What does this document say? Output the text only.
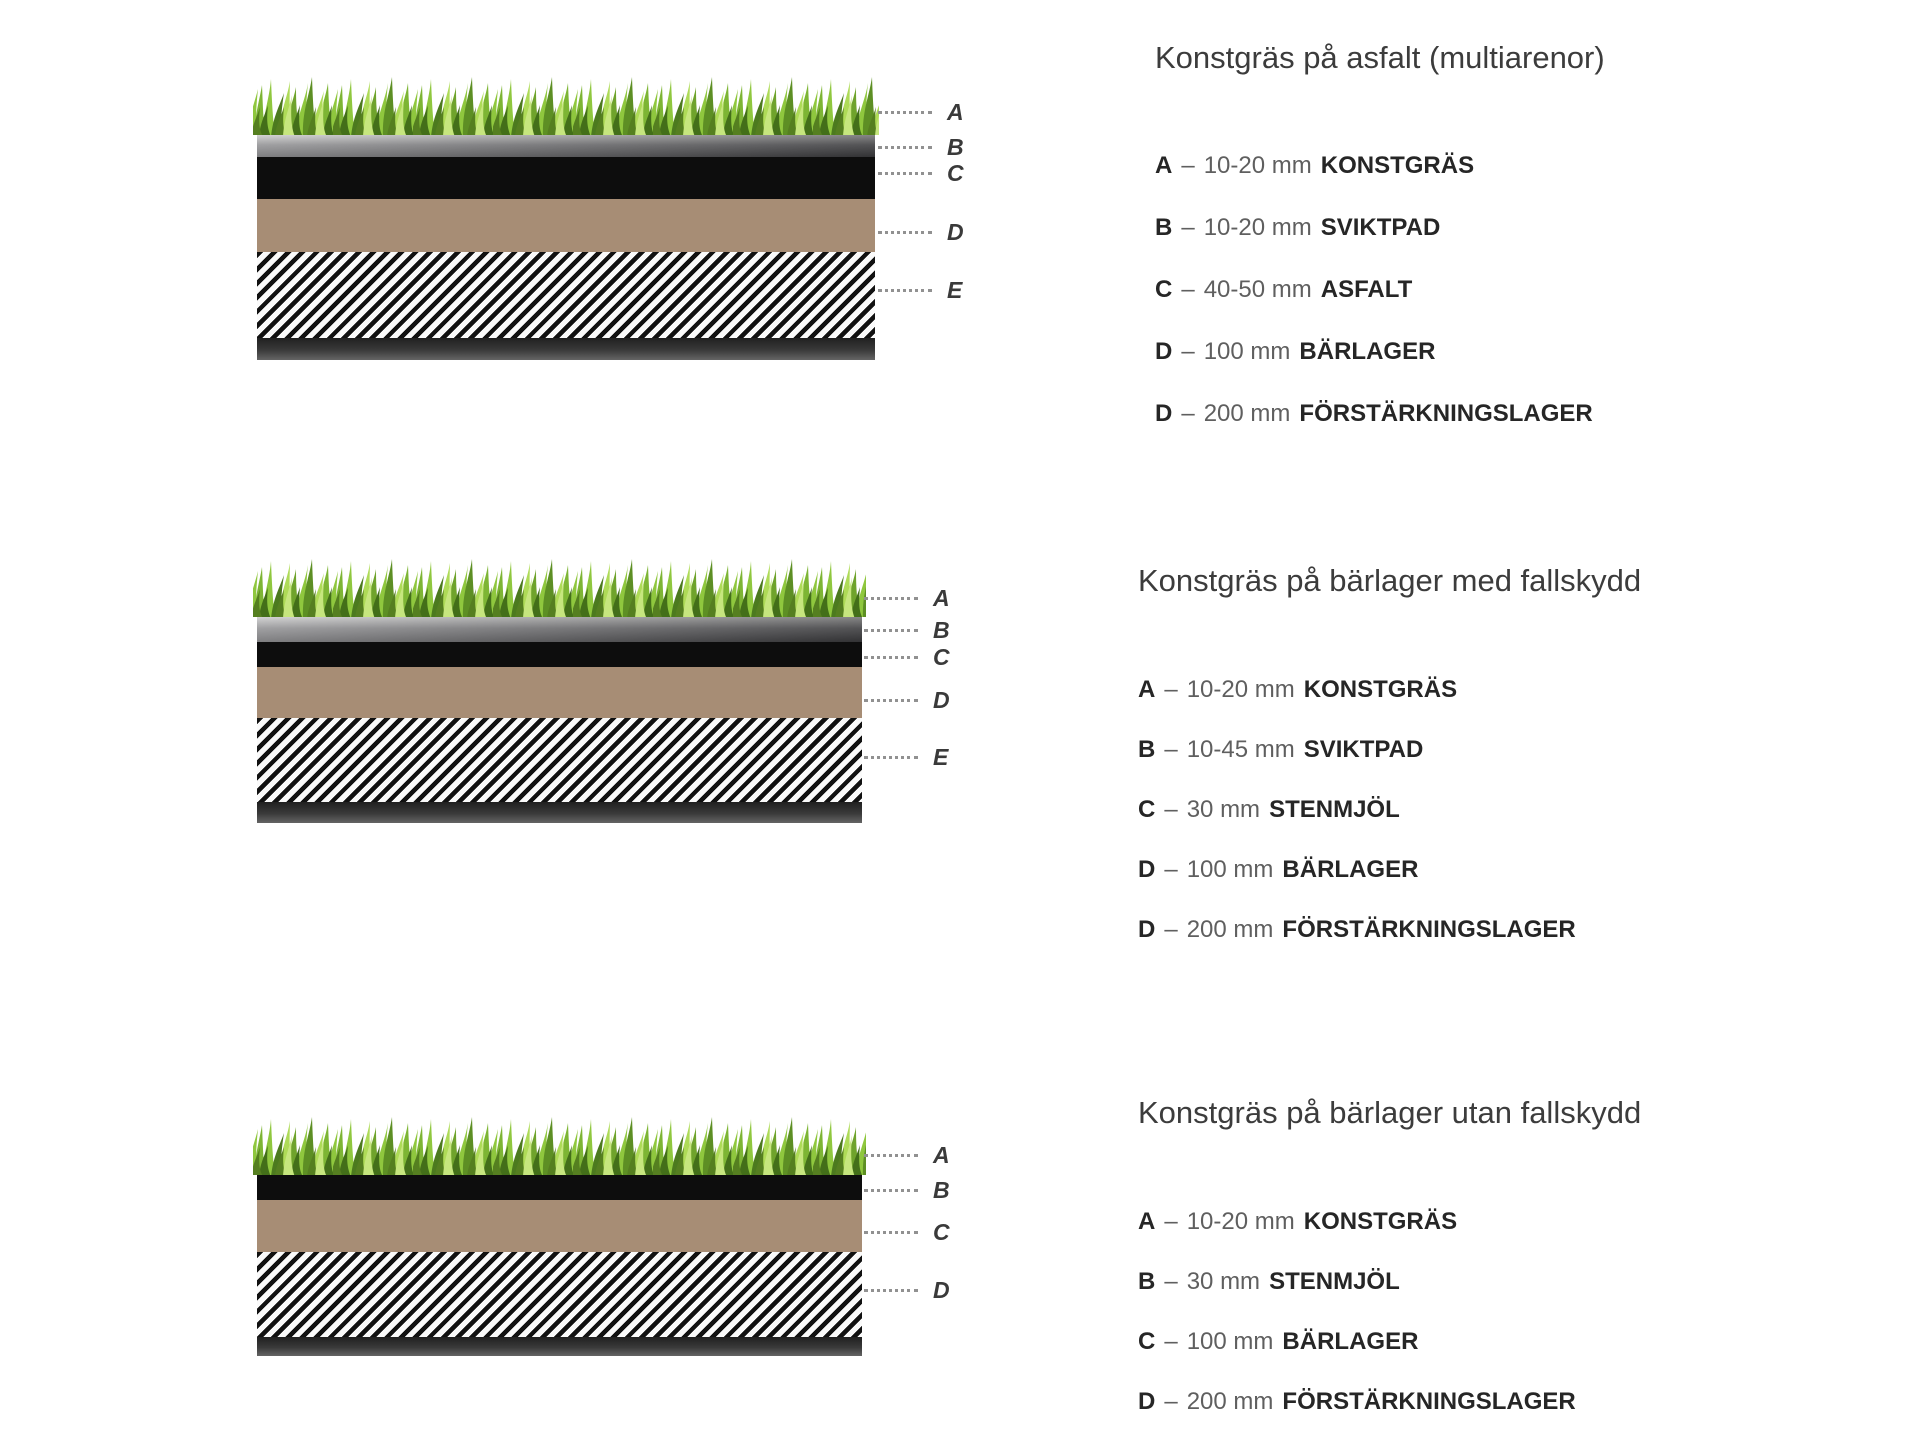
A
B
C
D
E
Konstgräs på asfalt (multiarenor)
A – 10-20 mm KONSTGRÄS
B – 10-20 mm SVIKTPAD
C – 40-50 mm ASFALT
D – 100 mm BÄRLAGER
D – 200 mm FÖRSTÄRKNINGSLAGER
A
B
C
D
E
Konstgräs på bärlager med fallskydd
A – 10-20 mm KONSTGRÄS
B – 10-45 mm SVIKTPAD
C – 30 mm STENMJÖL
D – 100 mm BÄRLAGER
D – 200 mm FÖRSTÄRKNINGSLAGER
A
B
C
D
Konstgräs på bärlager utan fallskydd
A – 10-20 mm KONSTGRÄS
B – 30 mm STENMJÖL
C – 100 mm BÄRLAGER
D – 200 mm FÖRSTÄRKNINGSLAGER
